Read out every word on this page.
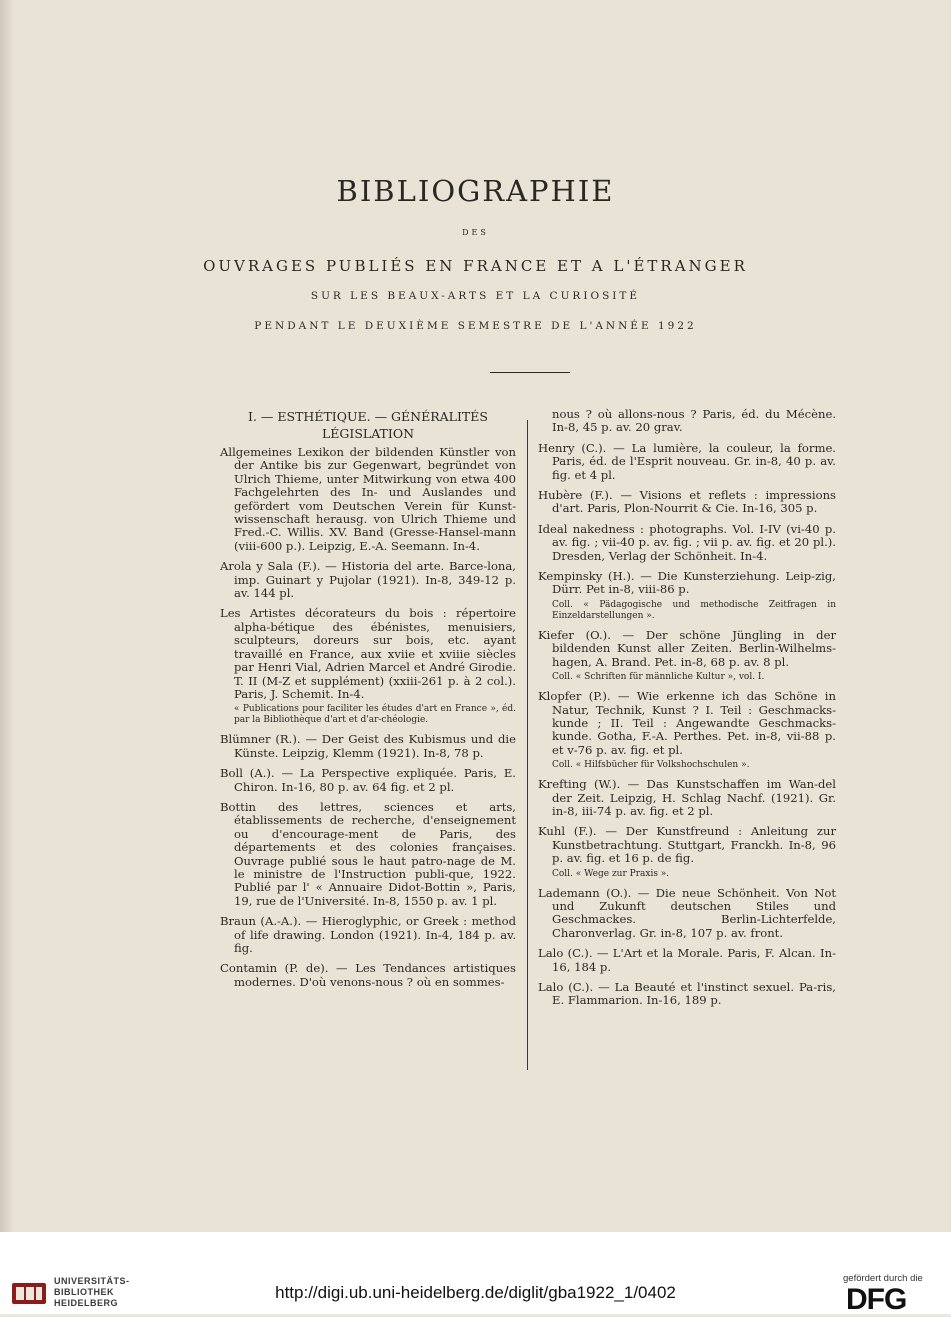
BIBLIOGRAPHIE
DES
OUVRAGES PUBLIÉS EN FRANCE ET A L'ÉTRANGER
SUR LES BEAUX-ARTS ET LA CURIOSITÉ
PENDANT LE DEUXIÈME SEMESTRE DE L'ANNÉE 1922
I. — ESTHÉTIQUE. — GÉNÉRALITÉS
LÉGISLATION

Allgemeines Lexikon der bildenden Künstler von der Antike bis zur Gegenwart, begründet von Ulrich Thieme, unter Mitwirkung von etwa 400 Fachgelehrten des In- und Auslandes und gefördert vom Deutschen Verein für Kunst-wissenschaft herausg. von Ulrich Thieme und Fred.-C. Willis. XV. Band (Gresse-Hansel-mann (viii-600 p.). Leipzig, E.-A. Seemann. In-4.

Arola y Sala (F.). — Historia del arte. Barce-lona, imp. Guinart y Pujolar (1921). In-8, 349-12 p. av. 144 pl.

Les Artistes décorateurs du bois : répertoire alpha-bétique des ébénistes, menuisiers, sculpteurs, doreurs sur bois, etc. ayant travaillé en France, aux xviie et xviiie siècles par Henri Vial, Adrien Marcel et André Girodie. T. II (M-Z et supplément) (xxiii-261 p. à 2 col.). Paris, J. Schemit. In-4.

« Publications pour faciliter les études d'art en France », éd. par la Bibliothèque d'art et d'ar-chéologie.

Blümner (R.). — Der Geist des Kubismus und die Künste. Leipzig, Klemm (1921). In-8, 78 p.

Boll (A.). — La Perspective expliquée. Paris, E. Chiron. In-16, 80 p. av. 64 fig. et 2 pl.

Bottin des lettres, sciences et arts, établissements de recherche, d'enseignement ou d'encourage-ment de Paris, des départements et des colonies françaises. Ouvrage publié sous le haut patro-nage de M. le ministre de l'Instruction publi-que, 1922. Publié par l' « Annuaire Didot-Bottin », Paris, 19, rue de l'Université. In-8, 1550 p. av. 1 pl.

Braun (A.-A.). — Hieroglyphic, or Greek : method of life drawing. London (1921). In-4, 184 p. av. fig.

Contamin (P. de). — Les Tendances artistiques modernes. D'où venons-nous ? où en sommes-

nous ? où allons-nous ? Paris, éd. du Mécène. In-8, 45 p. av. 20 grav.

Henry (C.). — La lumière, la couleur, la forme. Paris, éd. de l'Esprit nouveau. Gr. in-8, 40 p. av. fig. et 4 pl.

Hubère (F.). — Visions et reflets : impressions d'art. Paris, Plon-Nourrit & Cie. In-16, 305 p.

Ideal nakedness : photographs. Vol. I-IV (vi-40 p. av. fig. ; vii-40 p. av. fig. ; vii p. av. fig. et 20 pl.). Dresden, Verlag der Schönheit. In-4.

Kempinsky (H.). — Die Kunsterziehung. Leip-zig, Dürr. Pet in-8, viii-86 p.

Coll. « Pädagogische und methodische Zeitfragen in Einzeldarstellungen ».

Kiefer (O.). — Der schöne Jüngling in der bildenden Kunst aller Zeiten. Berlin-Wilhelms-hagen, A. Brand. Pet. in-8, 68 p. av. 8 pl.

Coll. « Schriften für männliche Kultur », vol. I.

Klopfer (P.). — Wie erkenne ich das Schöne in Natur, Technik, Kunst ? I. Teil : Geschmacks-kunde ; II. Teil : Angewandte Geschmacks-kunde. Gotha, F.-A. Perthes. Pet. in-8, vii-88 p. et v-76 p. av. fig. et pl.

Coll. « Hilfsbücher für Volkshochschulen ».

Krefting (W.). — Das Kunstschaffen im Wan-del der Zeit. Leipzig, H. Schlag Nachf. (1921). Gr. in-8, iii-74 p. av. fig. et 2 pl.

Kuhl (F.). — Der Kunstfreund : Anleitung zur Kunstbetrachtung. Stuttgart, Franckh. In-8, 96 p. av. fig. et 16 p. de fig.

Coll. « Wege zur Praxis ».

Lademann (O.). — Die neue Schönheit. Von Not und Zukunft deutschen Stiles und Geschmackes. Berlin-Lichterfelde, Charonverlag. Gr. in-8, 107 p. av. front.

Lalo (C.). — L'Art et la Morale. Paris, F. Alcan. In-16, 184 p.

Lalo (C.). — La Beauté et l'instinct sexuel. Pa-ris, E. Flammarion. In-16, 189 p.

UNIVERSITÄTS-
BIBLIOTHEK
HEIDELBERG
http://digi.ub.uni-heidelberg.de/diglit/gba1922_1/0402
gefördert durch die
DFG
